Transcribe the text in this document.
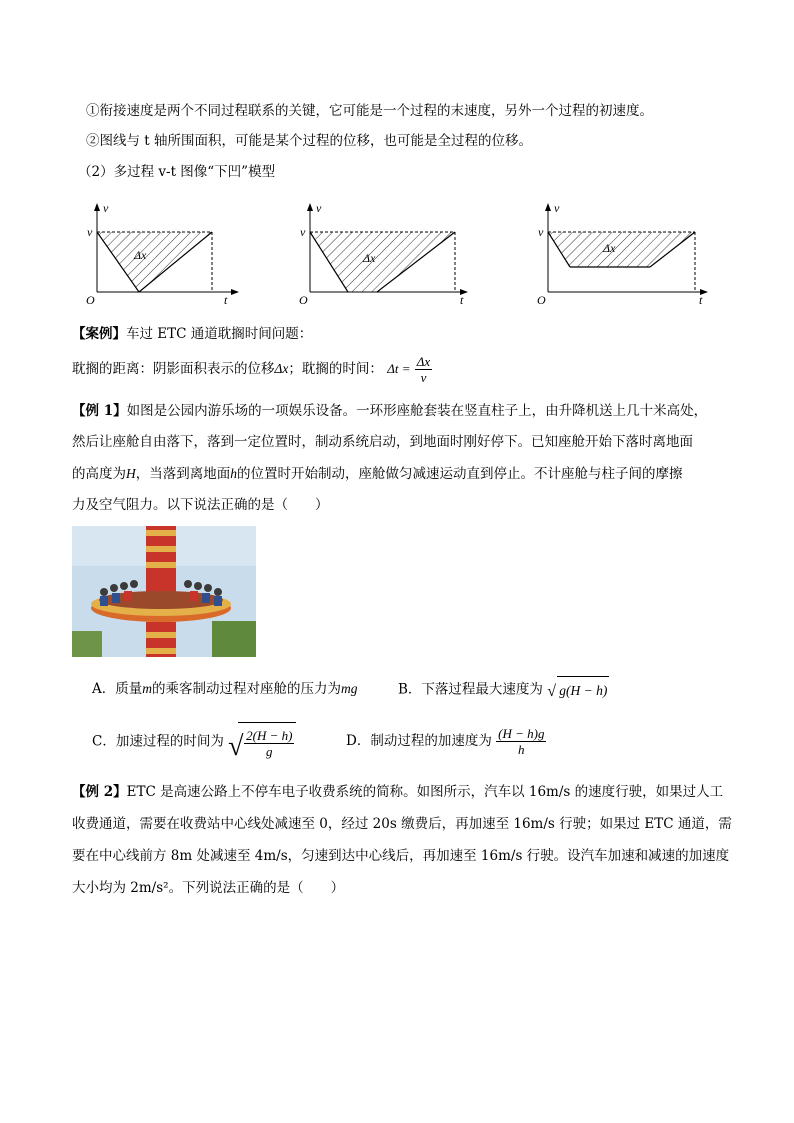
①衔接速度是两个不同过程联系的关键，它可能是一个过程的末速度，另外一个过程的初速度。
②图线与 t 轴所围面积，可能是某个过程的位移，也可能是全过程的位移。
（2）多过程 v-t 图像“下凹”模型
v
v
O	t
Δx
v
v
O	t
Δx
v
v
O	t
Δx
【案例】车过 ETC 通道耽搁时间问题：
耽搁的距离：阴影面积表示的位移Δx；耽搁的时间： $\Delta t = \frac{\Delta x}{v}$
【例 1】如图是公园内游乐场的一项娱乐设备。一环形座舱套装在竖直柱子上，由升降机送上几十米高处，
然后让座舱自由落下，落到一定位置时，制动系统启动，到地面时刚好停下。已知座舱开始下落时离地面
的高度为H，当落到离地面h的位置时开始制动，座舱做匀减速运动直到停止。不计座舱与柱子间的摩擦
力及空气阻力。以下说法正确的是（　　）
A．质量m的乘客制动过程对座舱的压力为mg	B．下落过程最大速度为 √ g(H − h)
C．加速过程的时间为 √ $\frac{2(H - h)}{g}$	D．制动过程的加速度为 $\frac{(H - h)g}{h}$
【例 2】ETC 是高速公路上不停车电子收费系统的简称。如图所示，汽车以 16m/s 的速度行驶，如果过人工
收费通道，需要在收费站中心线处减速至 0，经过 20s 缴费后，再加速至 16m/s 行驶；如果过 ETC 通道，需
要在中心线前方 8m 处减速至 4m/s，匀速到达中心线后，再加速至 16m/s 行驶。设汽车加速和减速的加速度
大小均为 2m/s²。下列说法正确的是（　　）
